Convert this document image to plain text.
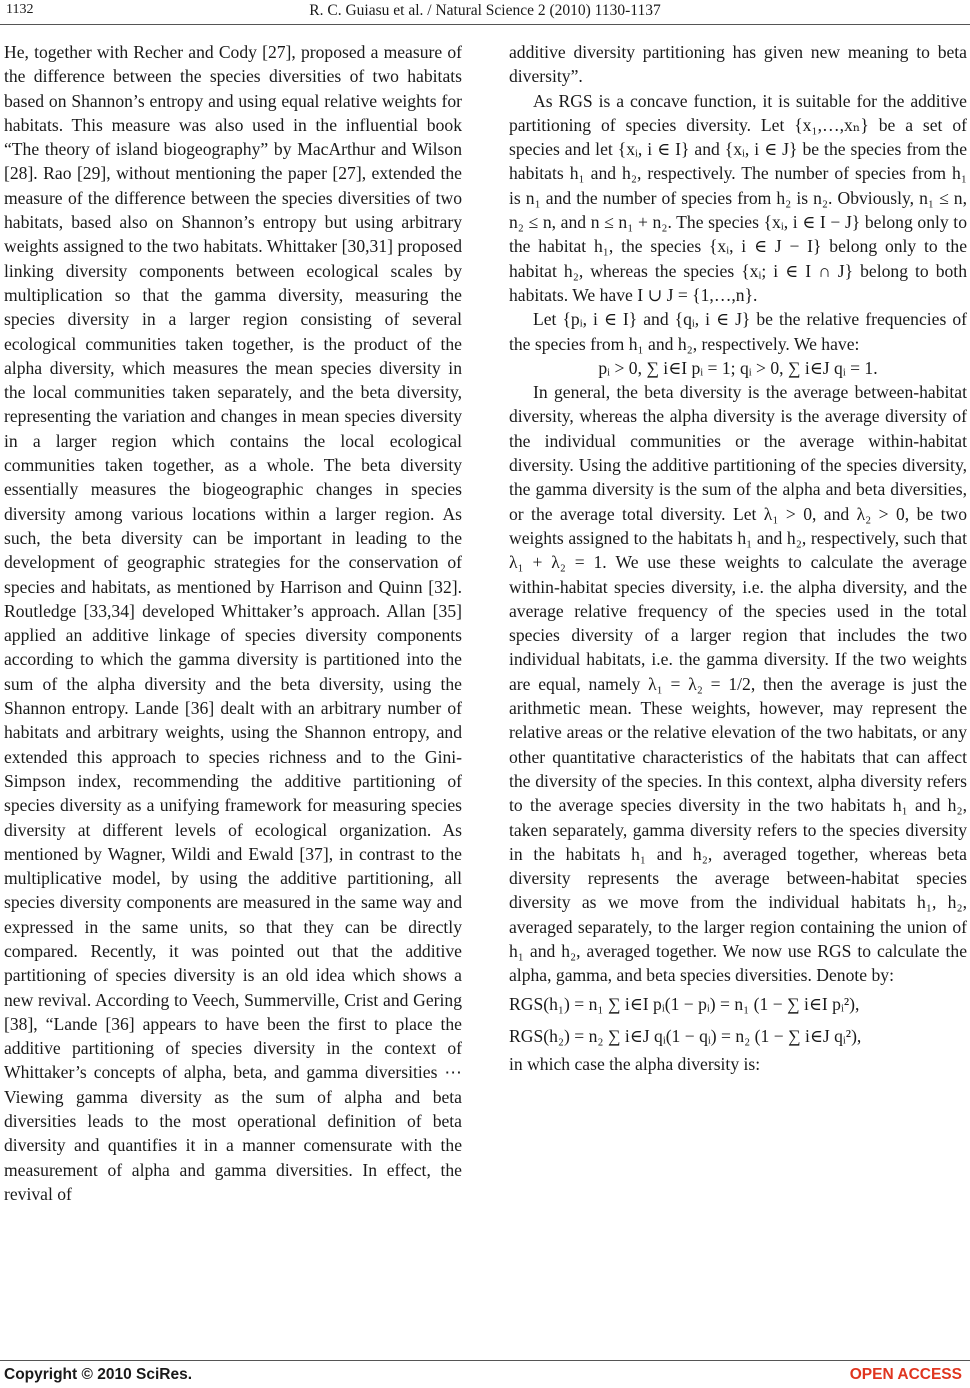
1132	R. C. Guiasu et al. / Natural Science 2 (2010) 1130-1137

He, together with Recher and Cody [27], proposed a measure of the difference between the species diversities of two habitats based on Shannon’s entropy and using equal relative weights for habitats. This measure was also used in the influential book “The theory of island biogeography” by MacArthur and Wilson [28]. Rao [29], without mentioning the paper [27], extended the measure of the difference between the species diversities of two habitats, based also on Shannon’s entropy but using arbitrary weights assigned to the two habitats. Whittaker [30,31] proposed linking diversity components between ecological scales by multiplication so that the gamma diversity, measuring the species diversity in a larger region consisting of several ecological communities taken together, is the product of the alpha diversity, which measures the mean species diversity in the local communities taken separately, and the beta diversity, representing the variation and changes in mean species diversity in a larger region which contains the local ecological communities taken together, as a whole. The beta diversity essentially measures the biogeographic changes in species diversity among various locations within a larger region. As such, the beta diversity can be important in leading to the development of geographic strategies for the conservation of species and habitats, as mentioned by Harrison and Quinn [32]. Routledge [33,34] developed Whittaker’s approach. Allan [35] applied an additive linkage of species diversity components according to which the gamma diversity is partitioned into the sum of the alpha diversity and the beta diversity, using the Shannon entropy. Lande [36] dealt with an arbitrary number of habitats and arbitrary weights, using the Shannon entropy, and extended this approach to species richness and to the Gini-Simpson index, recommending the additive partitioning of species diversity as a unifying framework for measuring species diversity at different levels of ecological organization. As mentioned by Wagner, Wildi and Ewald [37], in contrast to the multiplicative model, by using the additive partitioning, all species diversity components are measured in the same way and expressed in the same units, so that they can be directly compared. Recently, it was pointed out that the additive partitioning of species diversity is an old idea which shows a new revival. According to Veech, Summerville, Crist and Gering [38], “Lande [36] appears to have been the first to place the additive partitioning of species diversity in the context of Whittaker’s concepts of alpha, beta, and gamma diversities ⋯ Viewing gamma diversity as the sum of alpha and beta diversities leads to the most operational definition of beta diversity and quantifies it in a manner comensurate with the measurement of alpha and gamma diversities. In effect, the revival of

additive diversity partitioning has given new meaning to beta diversity”.

As RGS is a concave function, it is suitable for the additive partitioning of species diversity. Let {x₁,…,xₙ} be a set of species and let {xᵢ, i ∈ I} and {xᵢ, i ∈ J} be the species from the habitats h₁ and h₂, respectively. The number of species from h₁ is n₁ and the number of species from h₂ is n₂. Obviously, n₁ ≤ n, n₂ ≤ n, and n ≤ n₁ + n₂. The species {xᵢ, i ∈ I − J} belong only to the habitat h₁, the species {xᵢ, i ∈ J − I} belong only to the habitat h₂, whereas the species {xᵢ; i ∈ I ∩ J} belong to both habitats. We have I ∪ J = {1,…,n}.

Let {pᵢ, i ∈ I} and {qᵢ, i ∈ J} be the relative frequencies of the species from h₁ and h₂, respectively. We have:

pᵢ > 0, ∑ i∈I pᵢ = 1; qᵢ > 0, ∑ i∈J qᵢ = 1.

In general, the beta diversity is the average between-habitat diversity, whereas the alpha diversity is the average diversity of the individual communities or the average within-habitat diversity. Using the additive partitioning of the species diversity, the gamma diversity is the sum of the alpha and beta diversities, or the average total diversity. Let λ₁ > 0, and λ₂ > 0, be two weights assigned to the habitats h₁ and h₂, respectively, such that λ₁ + λ₂ = 1. We use these weights to calculate the average within-habitat species diversity, i.e. the alpha diversity, and the average relative frequency of the species used in the total species diversity of a larger region that includes the two individual habitats, i.e. the gamma diversity. If the two weights are equal, namely λ₁ = λ₂ = 1/2, then the average is just the arithmetic mean. These weights, however, may represent the relative areas or the relative elevation of the two habitats, or any other quantitative characteristics of the habitats that can affect the diversity of the species. In this context, alpha diversity refers to the average species diversity in the two habitats h₁ and h₂, taken separately, gamma diversity refers to the species diversity in the habitats h₁ and h₂, averaged together, whereas beta diversity represents the average between-habitat species diversity as we move from the individual habitats h₁, h₂, averaged separately, to the larger region containing the union of h₁ and h₂, averaged together. We now use RGS to calculate the alpha, gamma, and beta species diversities. Denote by:

RGS(h₁) = n₁ ∑ i∈I pᵢ(1 − pᵢ) = n₁ (1 − ∑ i∈I pᵢ²),

RGS(h₂) = n₂ ∑ i∈J qᵢ(1 − qᵢ) = n₂ (1 − ∑ i∈J qᵢ²),

in which case the alpha diversity is:

Copyright © 2010 SciRes.	OPEN ACCESS
